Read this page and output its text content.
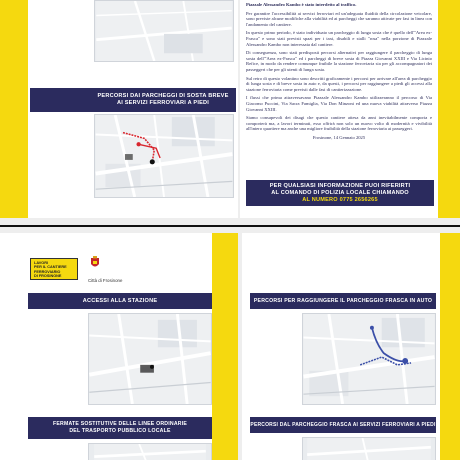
PERCORSI DAI PARCHEGGI DI SOSTA BREVE
AI SERVIZI FERROVIARI A PIEDI

Piazzale Alessandro Kambo è stato interdetto al traffico.

Per garantire l'accessibilità ai servizi ferroviari ed un'adeguata fluidità della circolazione veicolare, sono previste alcune modifiche alla viabilità ed ai parcheggi che saranno attivate per fasi in linea con l'andamento del cantiere.

In questo primo periodo, è stato individuato un parcheggio di lunga sosta che è quello dell'"Area ex-Frasca" e sono stati previsti spazi per i taxi, disabili e stalli "rosa" nella porzione di Piazzale Alessandro Kambo non interessata dal cantiere.

Di conseguenza, sono stati predisposti percorsi alternativi per raggiungere il parcheggio di lunga sosta dell'"Area ex-Frasca" ed i parcheggi di breve sosta di Piazza Giovanni XXIII e Via Licinio Refice, in modo da rendere comunque fruibile la stazione ferroviaria sia per gli accompagnatori dei passeggeri che per gli utenti di lunga sosta.

Sul retro di questo volantino sono descritti graficamente i percorsi per arrivare all'area di parcheggio di lunga sosta e di breve sosta in auto e, da questi, i percorsi per raggiungere a piedi gli accessi alla stazione ferroviaria come previsti dalle fasi di cantierizzazione.

I flussi che prima attraversavano Piazzale Alessandro Kambo utilizzeranno il percorso di Via Giacomo Puccini, Via Sacra Famiglia, Via Don Minzoni ed una nuova viabilità attraverso Piazza Giovanni XXIII.

Siamo consapevoli dei disagi che questo cantiere attesa da anni inevitabilmente comporta e comporterà ma, a lavori terminati, esso offrirà non solo un nuovo volto di modernità e vivibilità all'intero quartiere ma anche una migliore fruibilità della stazione ferroviaria ai passeggeri.

Frosinone, 14 Gennaio 2025

PER QUALSIASI INFORMAZIONE PUOI RIFERIRTI
AL COMANDO DI POLIZIA LOCALE CHIAMANDO
AL NUMERO 0775 2656265
ACCESSI ALLA STAZIONE
FERMATE SOSTITUTIVE DELLE LINEE ORDINARIE
DEL TRASPORTO PUBBLICO LOCALE
LAVORI
PER IL CANTIERE
FERROVIARIO
DI FROSINONE
Città di Frosinone
PERCORSI PER RAGGIUNGERE IL PARCHEGGIO FRASCA IN AUTO
PERCORSI DAL PARCHEGGIO FRASCA AI SERVIZI FERROVIARI A PIEDI
